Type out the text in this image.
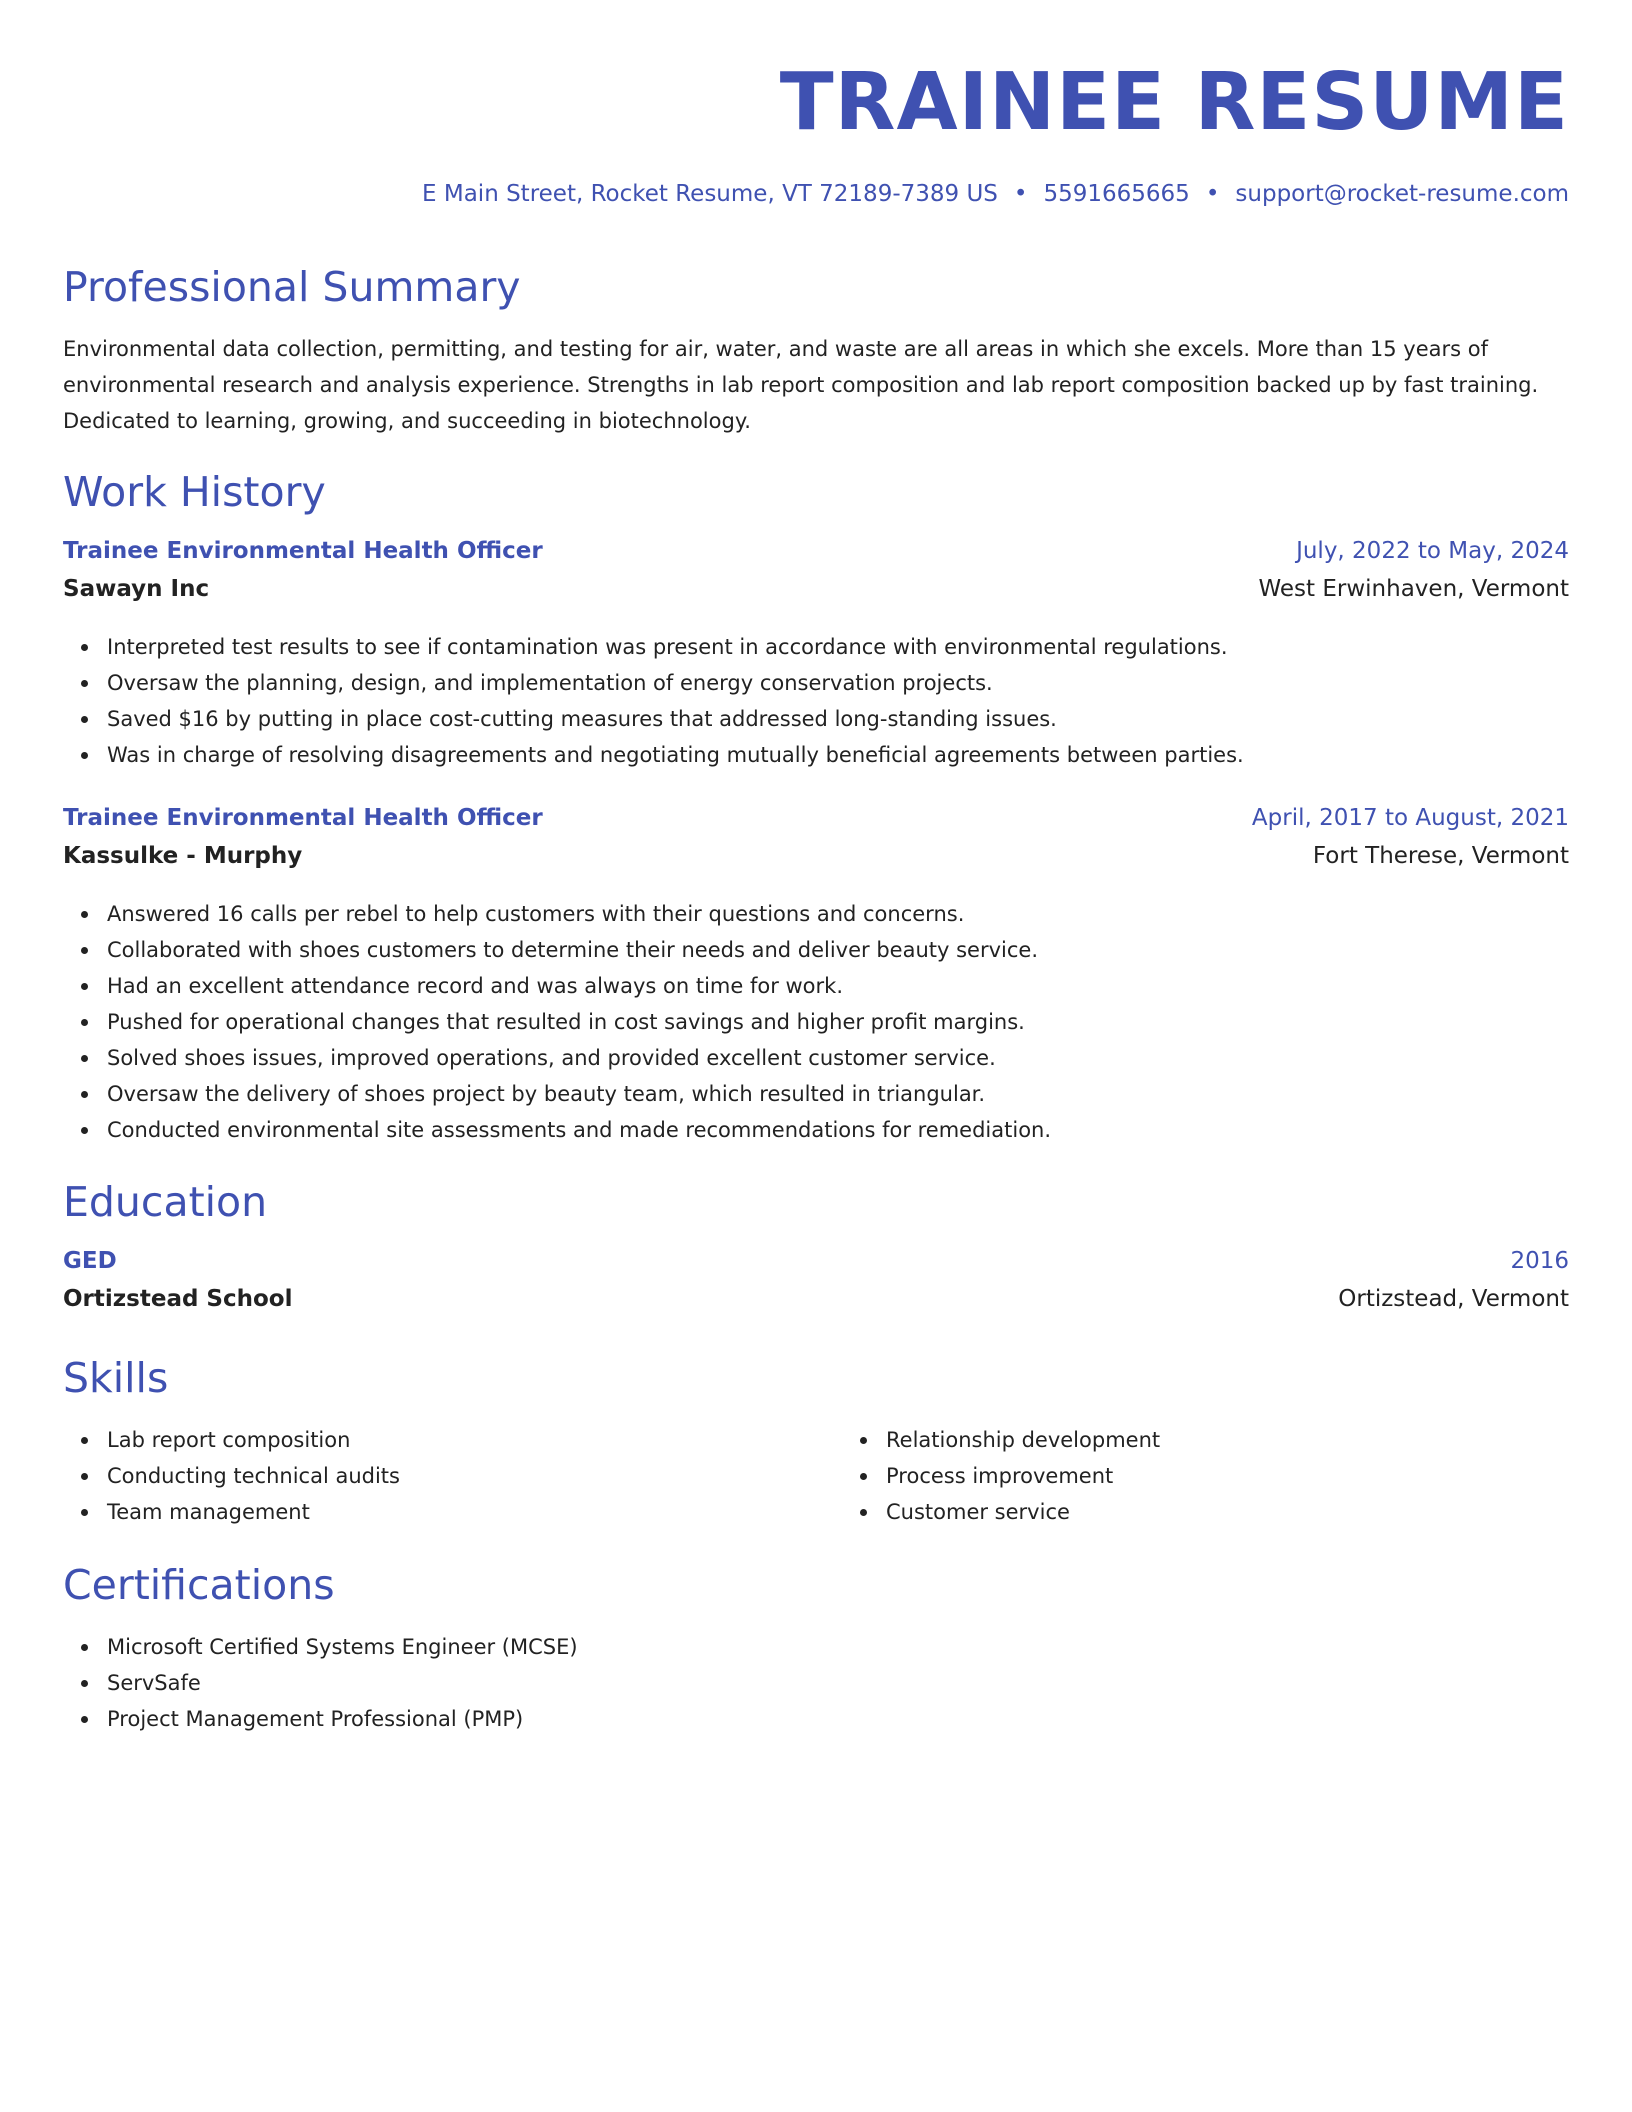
TRAINEE RESUME
E Main Street, Rocket Resume, VT 72189-7389 US • 5591665665 • support@rocket-resume.com
Professional Summary

Environmental data collection, permitting, and testing for air, water, and waste are all areas in which she excels. More than 15 years of environmental research and analysis experience. Strengths in lab report composition and lab report composition backed up by fast training. Dedicated to learning, growing, and succeeding in biotechnology.

Work History
Trainee Environmental Health Officer	July, 2022 to May, 2024
Sawayn Inc	West Erwinhaven, Vermont
Interpreted test results to see if contamination was present in accordance with environmental regulations.
Oversaw the planning, design, and implementation of energy conservation projects.
Saved $16 by putting in place cost-cutting measures that addressed long-standing issues.
Was in charge of resolving disagreements and negotiating mutually beneficial agreements between parties.
Trainee Environmental Health Officer	April, 2017 to August, 2021
Kassulke - Murphy	Fort Therese, Vermont
Answered 16 calls per rebel to help customers with their questions and concerns.
Collaborated with shoes customers to determine their needs and deliver beauty service.
Had an excellent attendance record and was always on time for work.
Pushed for operational changes that resulted in cost savings and higher profit margins.
Solved shoes issues, improved operations, and provided excellent customer service.
Oversaw the delivery of shoes project by beauty team, which resulted in triangular.
Conducted environmental site assessments and made recommendations for remediation.
Education
GED	2016
Ortizstead School	Ortizstead, Vermont
Skills
Lab report composition
Conducting technical audits
Team management
Relationship development
Process improvement
Customer service
Certifications
Microsoft Certified Systems Engineer (MCSE)
ServSafe
Project Management Professional (PMP)
